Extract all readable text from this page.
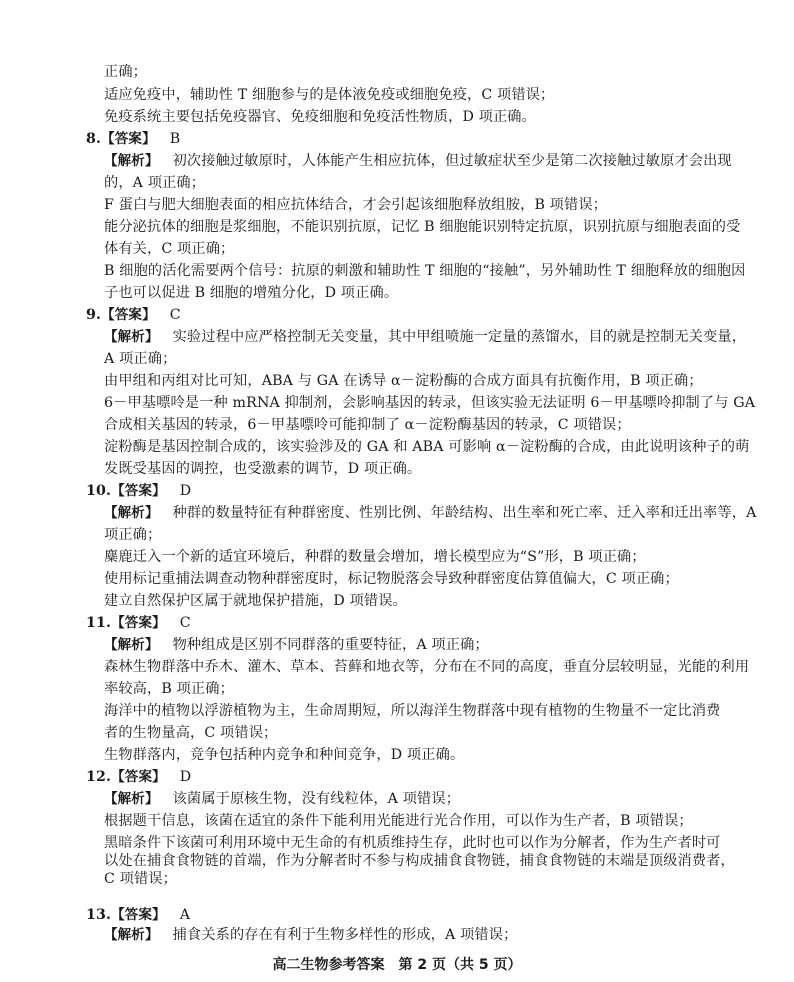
正确；
适应免疫中，辅助性 T 细胞参与的是体液免疫或细胞免疫，C 项错误；
免疫系统主要包括免疫器官、免疫细胞和免疫活性物质，D 项正确。
8.【答案】 B
【解析】 初次接触过敏原时，人体能产生相应抗体，但过敏症状至少是第二次接触过敏原才会出现
的，A 项正确；
F 蛋白与肥大细胞表面的相应抗体结合，才会引起该细胞释放组胺，B 项错误；
能分泌抗体的细胞是浆细胞，不能识别抗原，记忆 B 细胞能识别特定抗原，识别抗原与细胞表面的受
体有关，C 项正确；
B 细胞的活化需要两个信号：抗原的刺激和辅助性 T 细胞的“接触”，另外辅助性 T 细胞释放的细胞因
子也可以促进 B 细胞的增殖分化，D 项正确。
9.【答案】 C
【解析】 实验过程中应严格控制无关变量，其中甲组喷施一定量的蒸馏水，目的就是控制无关变量，
A 项正确；
由甲组和丙组对比可知，ABA 与 GA 在诱导 α－淀粉酶的合成方面具有抗衡作用，B 项正确；
6－甲基嘌呤是一种 mRNA 抑制剂，会影响基因的转录，但该实验无法证明 6－甲基嘌呤抑制了与 GA
合成相关基因的转录，6－甲基嘌呤可能抑制了 α－淀粉酶基因的转录，C 项错误；
淀粉酶是基因控制合成的，该实验涉及的 GA 和 ABA 可影响 α－淀粉酶的合成，由此说明该种子的萌
发既受基因的调控，也受激素的调节，D 项正确。
10.【答案】 D
【解析】 种群的数量特征有种群密度、性别比例、年龄结构、出生率和死亡率、迁入率和迁出率等，A
项正确；
麋鹿迁入一个新的适宜环境后，种群的数量会增加，增长模型应为“S”形，B 项正确；
使用标记重捕法调查动物种群密度时，标记物脱落会导致种群密度估算值偏大，C 项正确；
建立自然保护区属于就地保护措施，D 项错误。
11.【答案】 C
【解析】 物种组成是区别不同群落的重要特征，A 项正确；
森林生物群落中乔木、灌木、草本、苔藓和地衣等，分布在不同的高度，垂直分层较明显，光能的利用
率较高，B 项正确；
海洋中的植物以浮游植物为主，生命周期短，所以海洋生物群落中现有植物的生物量不一定比消费
者的生物量高，C 项错误；
生物群落内，竞争包括种内竞争和种间竞争，D 项正确。
12.【答案】 D
【解析】 该菌属于原核生物，没有线粒体，A 项错误；
根据题干信息，该菌在适宜的条件下能利用光能进行光合作用，可以作为生产者，B 项错误；
黑暗条件下该菌可利用环境中无生命的有机质维持生存，此时也可以作为分解者，作为生产者时可
以处在捕食食物链的首端，作为分解者时不参与构成捕食食物链，捕食食物链的末端是顶级消费者，
C 项错误；
13.【答案】 A
【解析】 捕食关系的存在有利于生物多样性的形成，A 项错误；
高二生物参考答案　第 2 页（共 5 页）
